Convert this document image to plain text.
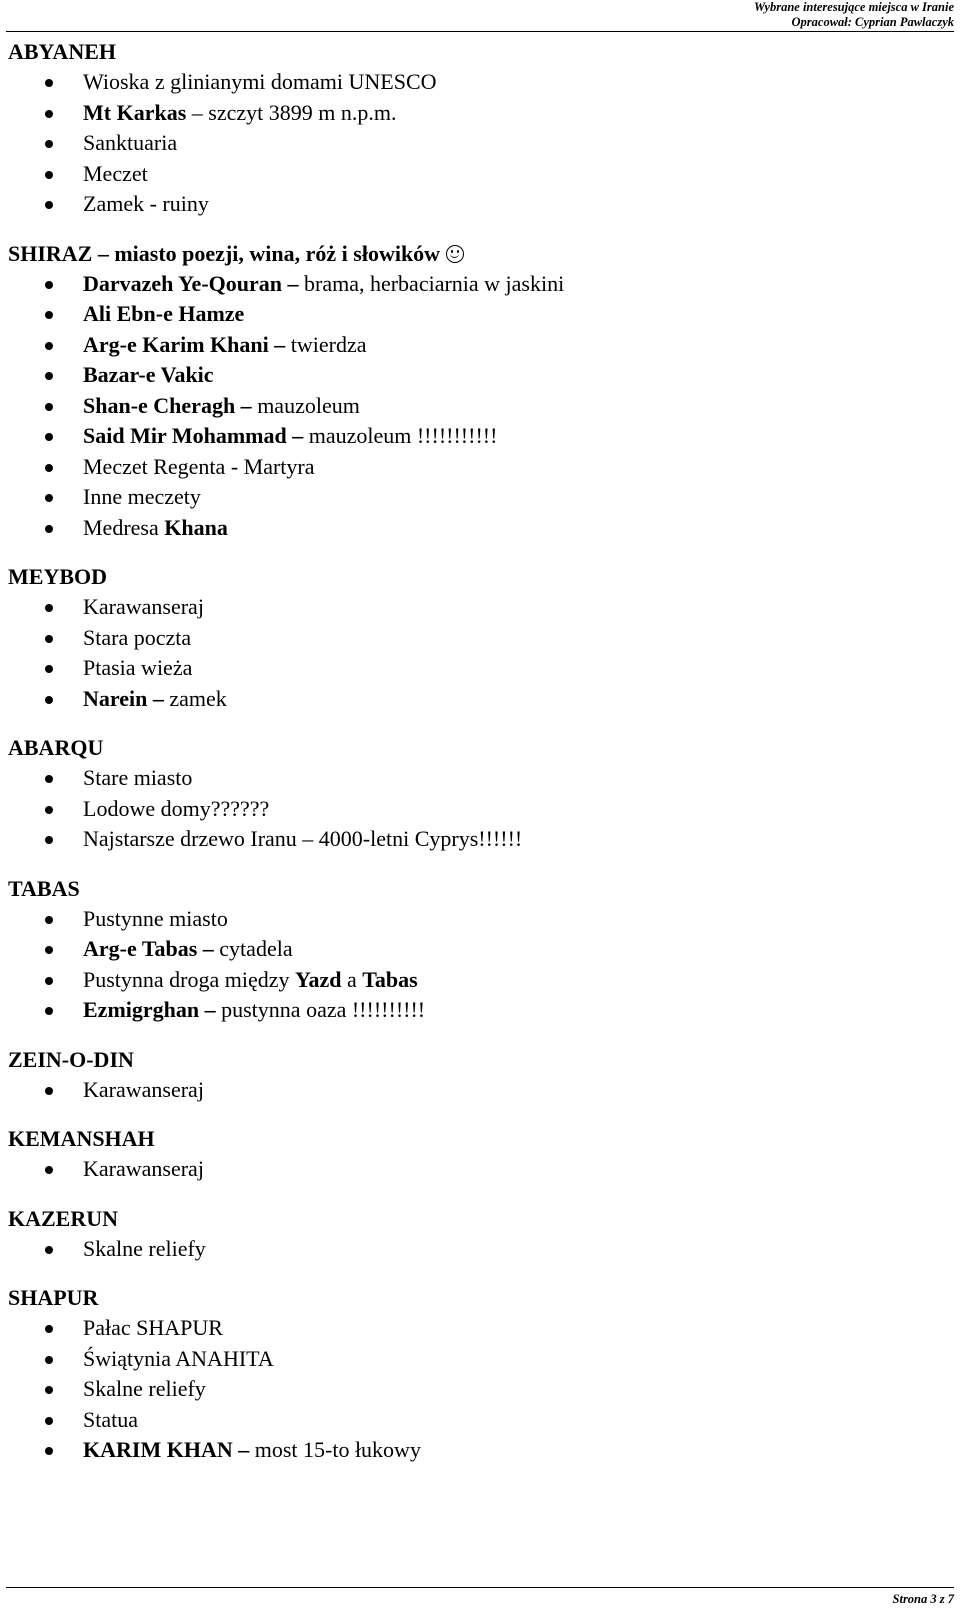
Wybrane interesujące miejsca w Iranie
Opracował: Cyprian Pawlaczyk
ABYANEH
Wioska z glinianymi domami UNESCO
Mt Karkas – szczyt 3899 m n.p.m.
Sanktuaria
Meczet
Zamek - ruiny
SHIRAZ – miasto poezji, wina, róż i słowików
Darvazeh Ye-Qouran – brama, herbaciarnia w jaskini
Ali Ebn-e Hamze
Arg-e Karim Khani – twierdza
Bazar-e Vakic
Shan-e Cheragh – mauzoleum
Said Mir Mohammad – mauzoleum !!!!!!!!!!!
Meczet Regenta - Martyra
Inne meczety
Medresa Khana
MEYBOD
Karawanseraj
Stara poczta
Ptasia wieża
Narein – zamek
ABARQU
Stare miasto
Lodowe domy??????
Najstarsze drzewo Iranu – 4000-letni Cyprys!!!!!!
TABAS
Pustynne miasto
Arg-e Tabas – cytadela
Pustynna droga między Yazd a Tabas
Ezmigrghan – pustynna oaza !!!!!!!!!!
ZEIN-O-DIN
Karawanseraj
KEMANSHAH
Karawanseraj
KAZERUN
Skalne reliefy
SHAPUR
Pałac SHAPUR
Świątynia ANAHITA
Skalne reliefy
Statua
KARIM KHAN – most 15-to łukowy
Strona 3 z 7
